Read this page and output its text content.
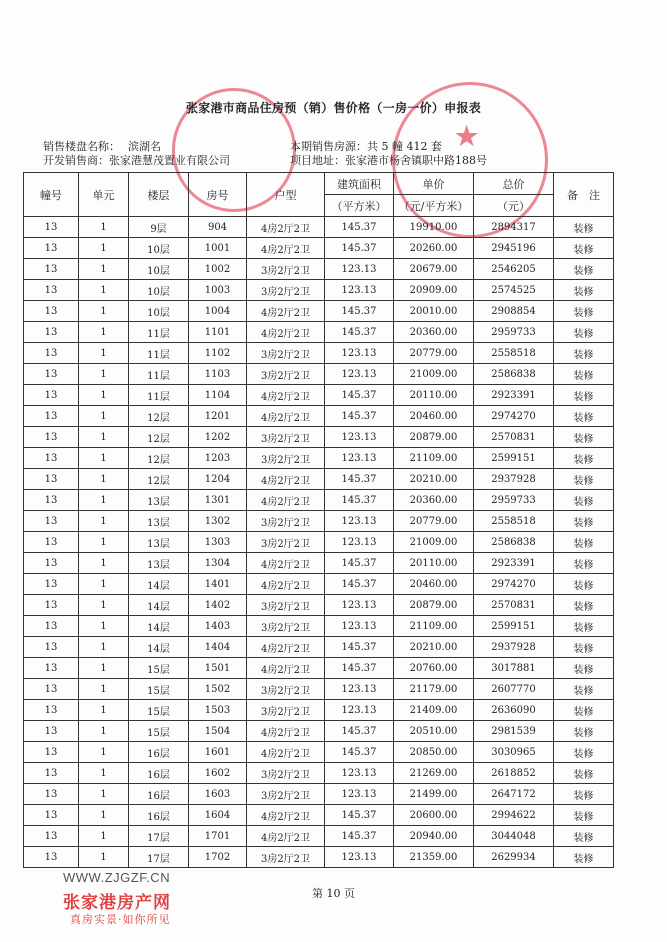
★
张家港市商品住房预（销）售价格（一房一价）申报表
销售楼盘名称： 滨湖名	本期销售房源：共 5 幢 412 套
开发销售商：张家港慧茂置业有限公司	项目地址：张家港市杨舍镇职中路188号
幢号	单元	楼层	房号	户型	建筑面积	单价	总价	备　注
					（平方米）	（元/平方米）	（元）	
13	1	9层	904	4房2厅2卫	145.37	19910.00	2894317	装修
13	1	10层	1001	4房2厅2卫	145.37	20260.00	2945196	装修
13	1	10层	1002	3房2厅2卫	123.13	20679.00	2546205	装修
13	1	10层	1003	3房2厅2卫	123.13	20909.00	2574525	装修
13	1	10层	1004	4房2厅2卫	145.37	20010.00	2908854	装修
13	1	11层	1101	4房2厅2卫	145.37	20360.00	2959733	装修
13	1	11层	1102	3房2厅2卫	123.13	20779.00	2558518	装修
13	1	11层	1103	3房2厅2卫	123.13	21009.00	2586838	装修
13	1	11层	1104	4房2厅2卫	145.37	20110.00	2923391	装修
13	1	12层	1201	4房2厅2卫	145.37	20460.00	2974270	装修
13	1	12层	1202	3房2厅2卫	123.13	20879.00	2570831	装修
13	1	12层	1203	3房2厅2卫	123.13	21109.00	2599151	装修
13	1	12层	1204	4房2厅2卫	145.37	20210.00	2937928	装修
13	1	13层	1301	4房2厅2卫	145.37	20360.00	2959733	装修
13	1	13层	1302	3房2厅2卫	123.13	20779.00	2558518	装修
13	1	13层	1303	3房2厅2卫	123.13	21009.00	2586838	装修
13	1	13层	1304	4房2厅2卫	145.37	20110.00	2923391	装修
13	1	14层	1401	4房2厅2卫	145.37	20460.00	2974270	装修
13	1	14层	1402	3房2厅2卫	123.13	20879.00	2570831	装修
13	1	14层	1403	3房2厅2卫	123.13	21109.00	2599151	装修
13	1	14层	1404	4房2厅2卫	145.37	20210.00	2937928	装修
13	1	15层	1501	4房2厅2卫	145.37	20760.00	3017881	装修
13	1	15层	1502	3房2厅2卫	123.13	21179.00	2607770	装修
13	1	15层	1503	3房2厅2卫	123.13	21409.00	2636090	装修
13	1	15层	1504	4房2厅2卫	145.37	20510.00	2981539	装修
13	1	16层	1601	4房2厅2卫	145.37	20850.00	3030965	装修
13	1	16层	1602	3房2厅2卫	123.13	21269.00	2618852	装修
13	1	16层	1603	3房2厅2卫	123.13	21499.00	2647172	装修
13	1	16层	1604	4房2厅2卫	145.37	20600.00	2994622	装修
13	1	17层	1701	4房2厅2卫	145.37	20940.00	3044048	装修
13	1	17层	1702	3房2厅2卫	123.13	21359.00	2629934	装修
WWW.ZJGZF.CN
张家港房产网
真房实景·如你所见
第 10 页
